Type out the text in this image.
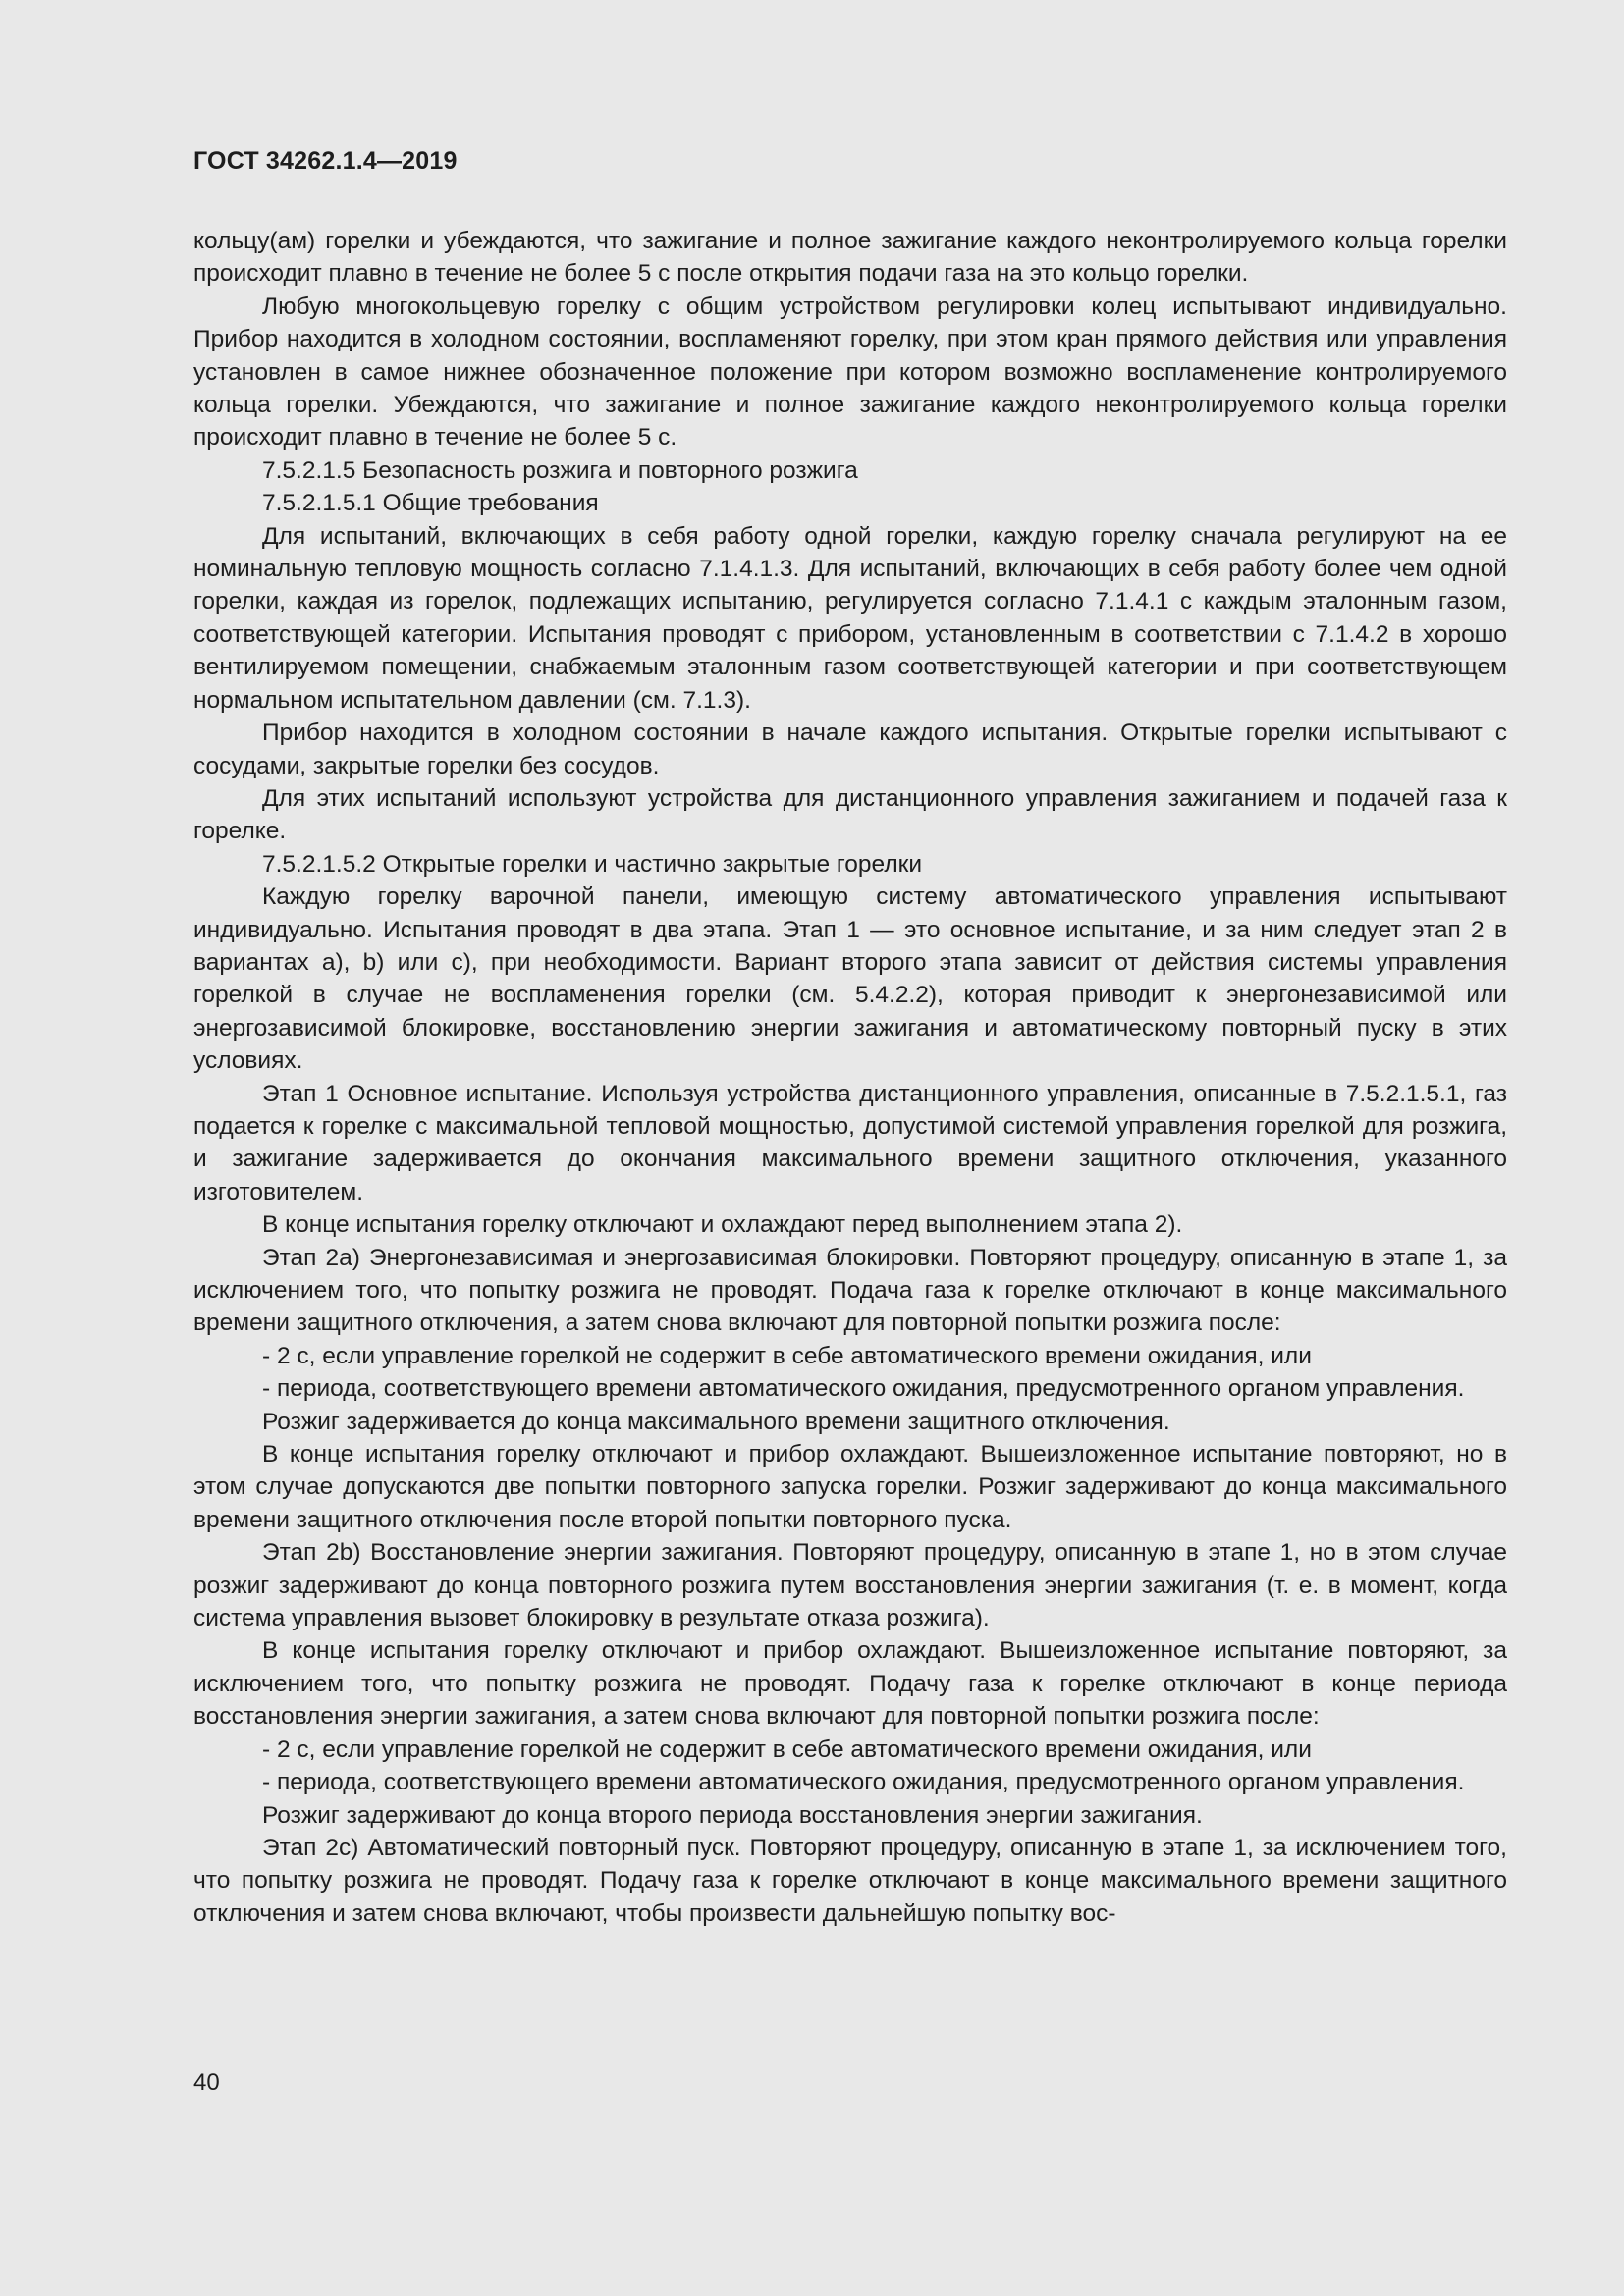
ГОСТ 34262.1.4—2019

кольцу(ам) горелки и убеждаются, что зажигание и полное зажигание каждого неконтролируемого кольца горелки происходит плавно в течение не более 5 с после открытия подачи газа на это кольцо горелки.

Любую многокольцевую горелку с общим устройством регулировки колец испытывают индивидуально. Прибор находится в холодном состоянии, воспламеняют горелку, при этом кран прямого действия или управления установлен в самое нижнее обозначенное положение при котором возможно воспламенение контролируемого кольца горелки. Убеждаются, что зажигание и полное зажигание каждого неконтролируемого кольца горелки происходит плавно в течение не более 5 с.

7.5.2.1.5 Безопасность розжига и повторного розжига

7.5.2.1.5.1 Общие требования

Для испытаний, включающих в себя работу одной горелки, каждую горелку сначала регулируют на ее номинальную тепловую мощность согласно 7.1.4.1.3. Для испытаний, включающих в себя работу более чем одной горелки, каждая из горелок, подлежащих испытанию, регулируется согласно 7.1.4.1 с каждым эталонным газом, соответствующей категории. Испытания проводят с прибором, установленным в соответствии с 7.1.4.2 в хорошо вентилируемом помещении, снабжаемым эталонным газом соответствующей категории и при соответствующем нормальном испытательном давлении (см. 7.1.3).

Прибор находится в холодном состоянии в начале каждого испытания. Открытые горелки испытывают с сосудами, закрытые горелки без сосудов.

Для этих испытаний используют устройства для дистанционного управления зажиганием и подачей газа к горелке.

7.5.2.1.5.2 Открытые горелки и частично закрытые горелки

Каждую горелку варочной панели, имеющую систему автоматического управления испытывают индивидуально. Испытания проводят в два этапа. Этап 1 — это основное испытание, и за ним следует этап 2 в вариантах а), b) или с), при необходимости. Вариант второго этапа зависит от действия системы управления горелкой в случае не воспламенения горелки (см. 5.4.2.2), которая приводит к энергонезависимой или энергозависимой блокировке, восстановлению энергии зажигания и автоматическому повторный пуску в этих условиях.

Этап 1 Основное испытание. Используя устройства дистанционного управления, описанные в 7.5.2.1.5.1, газ подается к горелке с максимальной тепловой мощностью, допустимой системой управления горелкой для розжига, и зажигание задерживается до окончания максимального времени защитного отключения, указанного изготовителем.

В конце испытания горелку отключают и охлаждают перед выполнением этапа 2).

Этап 2а) Энергонезависимая и энергозависимая блокировки. Повторяют процедуру, описанную в этапе 1, за исключением того, что попытку розжига не проводят. Подача газа к горелке отключают в конце максимального времени защитного отключения, а затем снова включают для повторной попытки розжига после:

- 2 с, если управление горелкой не содержит в себе автоматического времени ожидания, или

- периода, соответствующего времени автоматического ожидания, предусмотренного органом управления.

Розжиг задерживается до конца максимального времени защитного отключения.

В конце испытания горелку отключают и прибор охлаждают. Вышеизложенное испытание повторяют, но в этом случае допускаются две попытки повторного запуска горелки. Розжиг задерживают до конца максимального времени защитного отключения после второй попытки повторного пуска.

Этап 2b) Восстановление энергии зажигания. Повторяют процедуру, описанную в этапе 1, но в этом случае розжиг задерживают до конца повторного розжига путем восстановления энергии зажигания (т. е. в момент, когда система управления вызовет блокировку в результате отказа розжига).

В конце испытания горелку отключают и прибор охлаждают. Вышеизложенное испытание повторяют, за исключением того, что попытку розжига не проводят. Подачу газа к горелке отключают в конце периода восстановления энергии зажигания, а затем снова включают для повторной попытки розжига после:

- 2 с, если управление горелкой не содержит в себе автоматического времени ожидания, или

- периода, соответствующего времени автоматического ожидания, предусмотренного органом управления.

Розжиг задерживают до конца второго периода восстановления энергии зажигания.

Этап 2с) Автоматический повторный пуск. Повторяют процедуру, описанную в этапе 1, за исключением того, что попытку розжига не проводят. Подачу газа к горелке отключают в конце максимального времени защитного отключения и затем снова включают, чтобы произвести дальнейшую попытку вос-

40
